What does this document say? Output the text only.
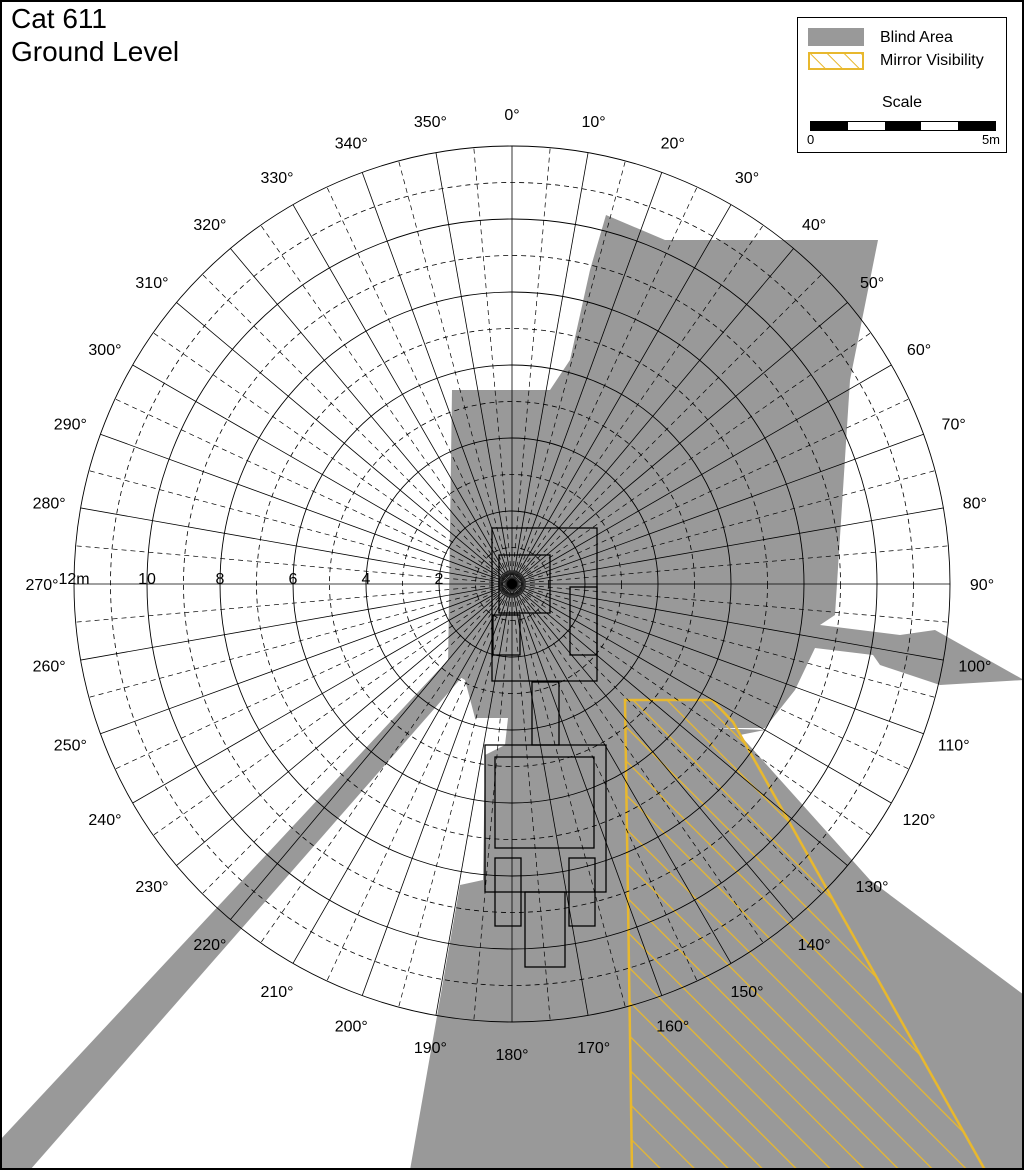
0°	10°
20°
30°
40°
50°
60°
70°
80°
90°
100°
110°
120°
130°
140°
150°
160°
170°
180°
190°
200°
210°
220°
230°
240°
250°
260°
270°
280°
290°
300°
310°
320°
330°
340°
350°
2
4
6
8
10
12m
Cat 611
Ground Level	Blind Area
Mirror Visibility
Scale
0	5m
